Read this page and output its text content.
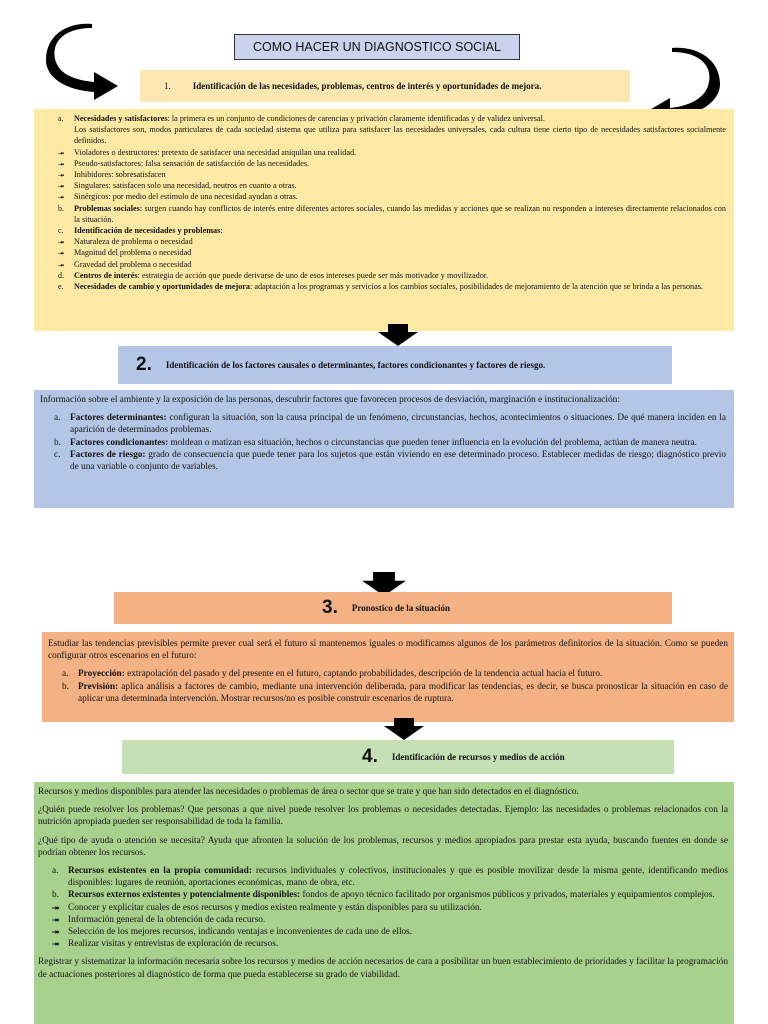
COMO HACER UN DIAGNOSTICO SOCIAL
1. Identificación de las necesidades, problemas, centros de interés y oportunidades de mejora.
a.	Necesidades y satisfactores: la primera es un conjunto de condiciones de carencias y privación claramente identificadas y de validez universal.
Los satisfactores son, modos particulares de cada sociedad sistema que utiliza para satisfacer las necesidades universales, cada cultura tiene cierto tipo de necesidades satisfactores socialmente definidos.
⯮	Violadores o destructores: pretexto de satisfacer una necesidad aniquilan una realidad.
⯮	Pseudo-satisfactores: falsa sensación de satisfacción de las necesidades.
⯮	Inhibidores: sobresatisfacen
⯮	Singulares: satisfacen solo una necesidad, neutros en cuanto a otras.
⯮	Sinérgicos: por medio del estímulo de una necesidad ayudan a otras.
b.	Problemas sociales: surgen cuando hay conflictos de interés entre diferentes actores sociales, cuando las medidas y acciones que se realizan no responden a intereses directamente relacionados con la situación.
c.	Identificación de necesidades y problemas:
⯮	Naturaleza de problema o necesidad
⯮	Magnitud del problema o necesidad
⯮	Gravedad del problema o necesidad
d.	Centros de interés: estrategia de acción que puede derivarse de uno de esos intereses puede ser más motivador y movilizador.
e.	Necesidades de cambio y oportunidades de mejora: adaptación a los programas y servicios a los cambios sociales, posibilidades de mejoramiento de la atención que se brinda a las personas.
2. Identificación de los factores causales o determinantes, factores condicionantes y factores de riesgo.
Información sobre el ambiente y la exposición de las personas, descubrir factores que favorecen procesos de desviación, marginación e institucionalización:
a.	Factores determinantes: configuran la situación, son la causa principal de un fenómeno, circunstancias, hechos, acontecimientos o situaciones. De qué manera inciden en la aparición de determinados problemas.
b. Factores condicionantes: moldean o matizan esa situación, hechos o circunstancias que pueden tener influencia en la evolución del problema, actúan de manera neutra.
c.	Factores de riesgo: grado de consecuencia que puede tener para los sujetos que están viviendo en ese determinado proceso. Establecer medidas de riesgo; diagnóstico previo de una variable o conjunto de variables.
3. Pronostico de la situación
Estudiar las tendencias previsibles permite prever cual será el futuro si mantenemos iguales o modificamos algunos de los parámetros definitorios de la situación. Como se pueden configurar otros escenarios en el futuro:
a.	Proyección: extrapolación del pasado y del presente en el futuro, captando probabilidades, descripción de la tendencia actual hacia el futuro.
b. Previsión: aplica análisis a factores de cambio, mediante una intervención deliberada, para modificar las tendencias, es decir, se busca pronosticar la situación en caso de aplicar una determinada intervención. Mostrar recursos/no es posible construir escenarios de ruptura.
4. Identificación de recursos y medios de acción

Recursos y medios disponibles para atender las necesidades o problemas de área o sector que se trate y que han sido detectados en el diagnóstico.

¿Quién puede resolver los problemas? Que personas a que nivel puede resolver los problemas o necesidades detectadas. Ejemplo: las necesidades o problemas relacionados con la nutrición apropiada pueden ser responsabilidad de toda la familia.

¿Qué tipo de ayuda o atención se necesita? Ayuda que afronten la solución de los problemas, recursos y medios apropiados para prestar esta ayuda, buscando fuentes en donde se podrían obtener los recursos.

a.	Recursos existentes en la propia comunidad: recursos individuales y colectivos, institucionales y que es posible movilizar desde la misma gente, identificando medios disponibles: lugares de reunión, aportaciones económicas, mano de obra, etc.
b. Recursos externos existentes y potencialmente disponibles: fondos de apoyo técnico facilitado por organismos públicos y privados, materiales y equipamientos complejos.
⯮ Conocer y explicitar cuales de esos recursos y medios existen realmente y están disponibles para su utilización.
⯮ Información general de la obtención de cada recurso.
⯮ Selección de los mejores recursos, indicando ventajas e inconvenientes de cada uno de ellos.
⯮ Realizar visitas y entrevistas de exploración de recursos.

Registrar y sistematizar la información necesaria sobre los recursos y medios de acción necesarios de cara a posibilitar un buen establecimiento de prioridades y facilitar la programación de actuaciones posteriores al diagnóstico de forma que pueda establecerse su grado de viabilidad.
